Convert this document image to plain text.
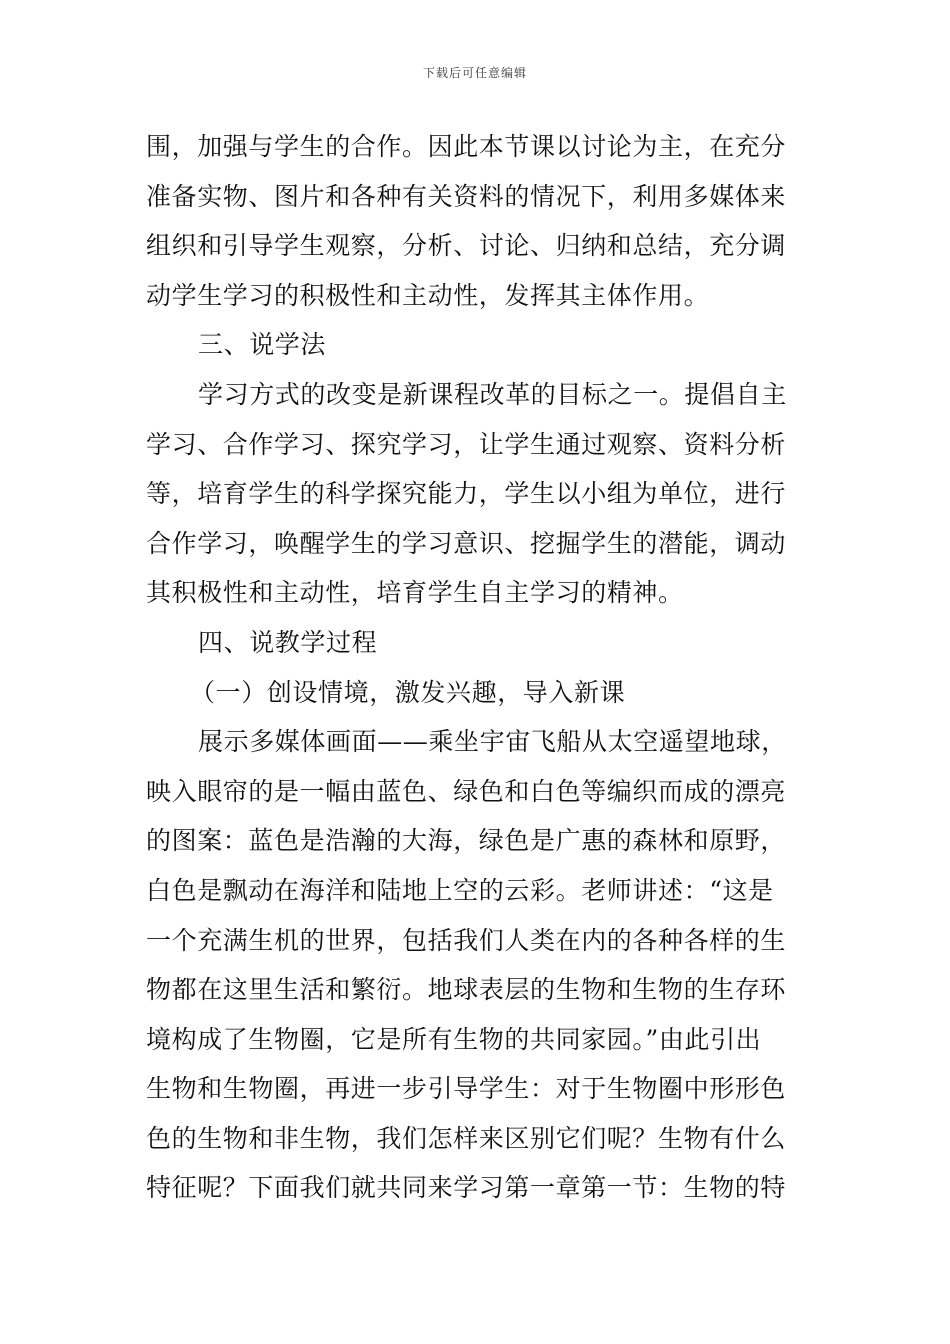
下载后可任意编辑
围，加强与学生的合作。因此本节课以讨论为主，在充分
准备实物、图片和各种有关资料的情况下，利用多媒体来
组织和引导学生观察，分析、讨论、归纳和总结，充分调
动学生学习的积极性和主动性，发挥其主体作用。
三、说学法
学习方式的改变是新课程改革的目标之一。提倡自主
学习、合作学习、探究学习，让学生通过观察、资料分析
等，培育学生的科学探究能力，学生以小组为单位，进行
合作学习，唤醒学生的学习意识、挖掘学生的潜能，调动
其积极性和主动性，培育学生自主学习的精神。
四、说教学过程
（一）创设情境，激发兴趣，导入新课
展示多媒体画面——乘坐宇宙飞船从太空遥望地球，
映入眼帘的是一幅由蓝色、绿色和白色等编织而成的漂亮
的图案：蓝色是浩瀚的大海，绿色是广惠的森林和原野，
白色是飘动在海洋和陆地上空的云彩。老师讲述：“这是
一个充满生机的世界，包括我们人类在内的各种各样的生
物都在这里生活和繁衍。地球表层的生物和生物的生存环
境构成了生物圈，它是所有生物的共同家园。”由此引出
生物和生物圈，再进一步引导学生：对于生物圈中形形色
色的生物和非生物，我们怎样来区别它们呢？生物有什么
特征呢？下面我们就共同来学习第一章第一节：生物的特
